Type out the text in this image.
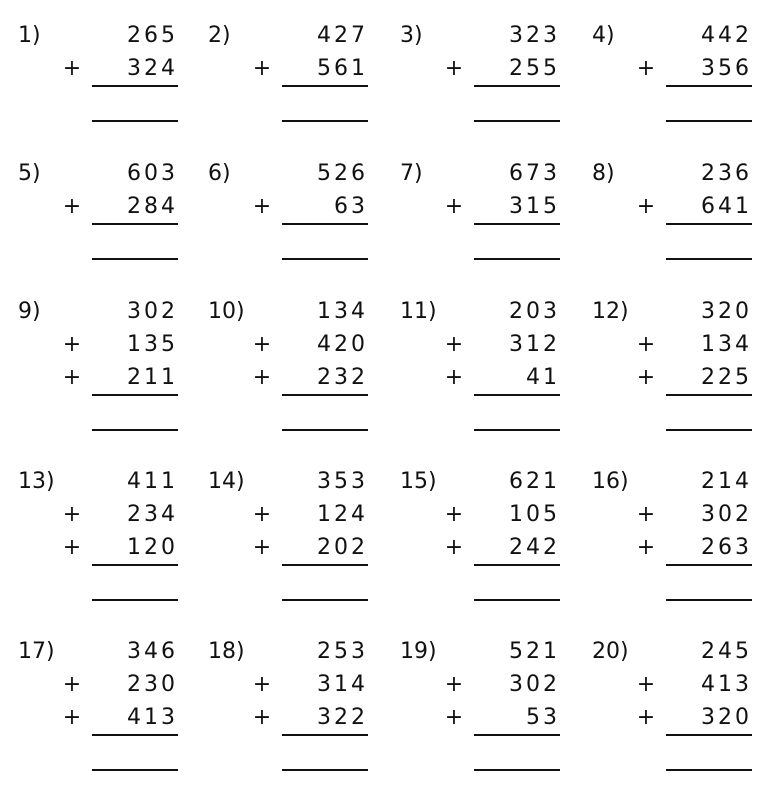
1)	265
+	324
2)	427
+	561
3)	323
+	255
4)	442
+	356
5)	603
+	284
6)	526
+	63
7)	673
+	315
8)	236
+	641
9)	302
+	135
+	211
10)	134
+	420
+	232
11)	203
+	312
+	41
12)	320
+	134
+	225
13)	411
+	234
+	120
14)	353
+	124
+	202
15)	621
+	105
+	242
16)	214
+	302
+	263
17)	346
+	230
+	413
18)	253
+	314
+	322
19)	521
+	302
+	53
20)	245
+	413
+	320
